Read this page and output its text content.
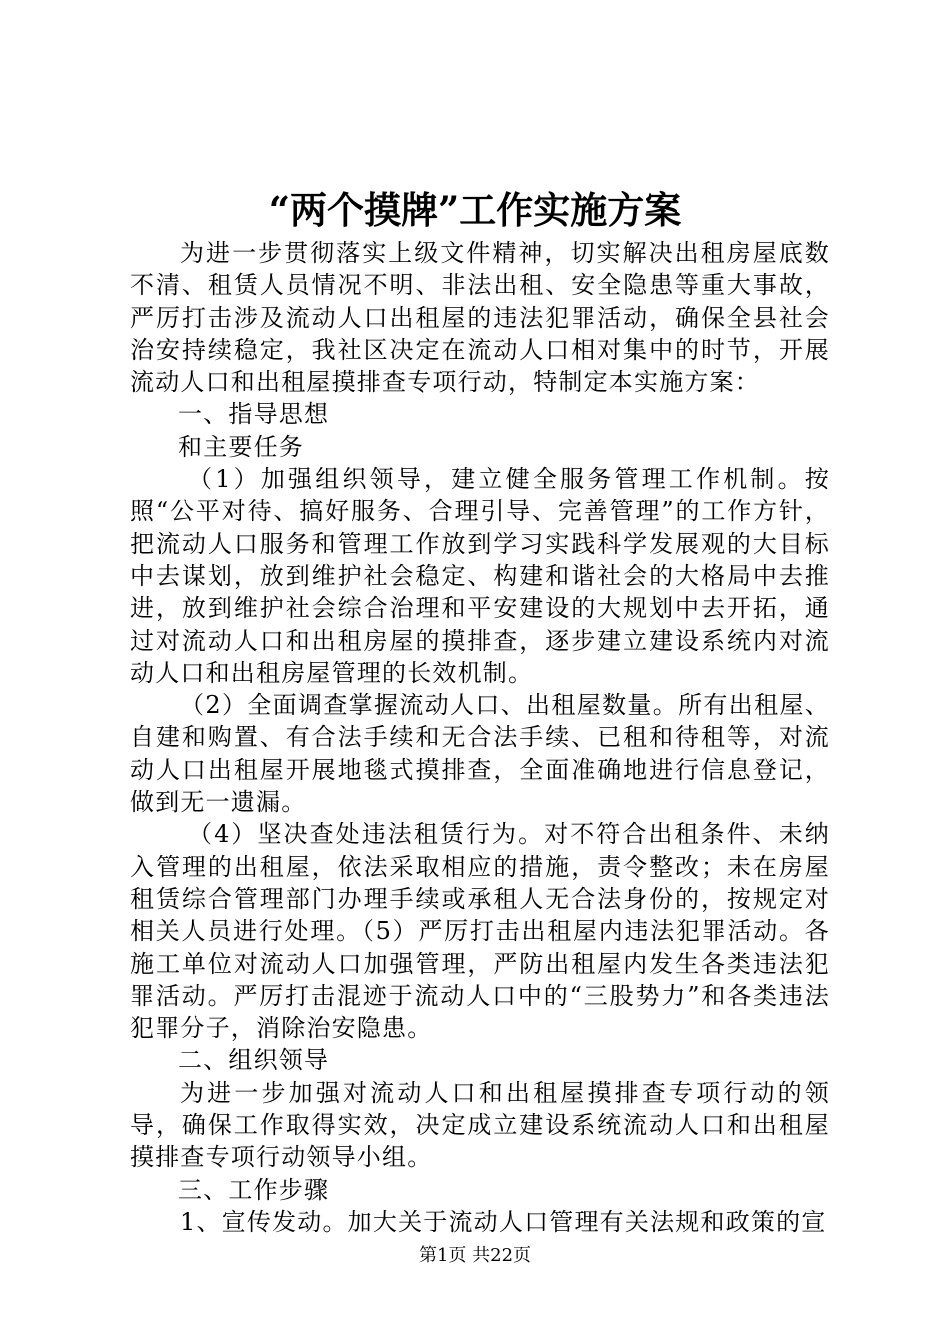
“两个摸牌”工作实施方案

为进一步贯彻落实上级文件精神，切实解决出租房屋底数不清、租赁人员情况不明、非法出租、安全隐患等重大事故，严厉打击涉及流动人口出租屋的违法犯罪活动，确保全县社会治安持续稳定，我社区决定在流动人口相对集中的时节，开展流动人口和出租屋摸排查专项行动，特制定本实施方案：

一、指导思想

和主要任务

（1）加强组织领导，建立健全服务管理工作机制。按照“公平对待、搞好服务、合理引导、完善管理”的工作方针，把流动人口服务和管理工作放到学习实践科学发展观的大目标中去谋划，放到维护社会稳定、构建和谐社会的大格局中去推进，放到维护社会综合治理和平安建设的大规划中去开拓，通过对流动人口和出租房屋的摸排查，逐步建立建设系统内对流动人口和出租房屋管理的长效机制。

（2）全面调查掌握流动人口、出租屋数量。所有出租屋、自建和购置、有合法手续和无合法手续、已租和待租等，对流动人口出租屋开展地毯式摸排查，全面准确地进行信息登记，做到无一遗漏。

（4）坚决查处违法租赁行为。对不符合出租条件、未纳入管理的出租屋，依法采取相应的措施，责令整改；未在房屋租赁综合管理部门办理手续或承租人无合法身份的，按规定对相关人员进行处理。（5）严厉打击出租屋内违法犯罪活动。各施工单位对流动人口加强管理，严防出租屋内发生各类违法犯罪活动。严厉打击混迹于流动人口中的“三股势力”和各类违法犯罪分子，消除治安隐患。

二、组织领导

为进一步加强对流动人口和出租屋摸排查专项行动的领导，确保工作取得实效，决定成立建设系统流动人口和出租屋摸排查专项行动领导小组。

三、工作步骤

1、宣传发动。加大关于流动人口管理有关法规和政策的宣

第1页 共22页
